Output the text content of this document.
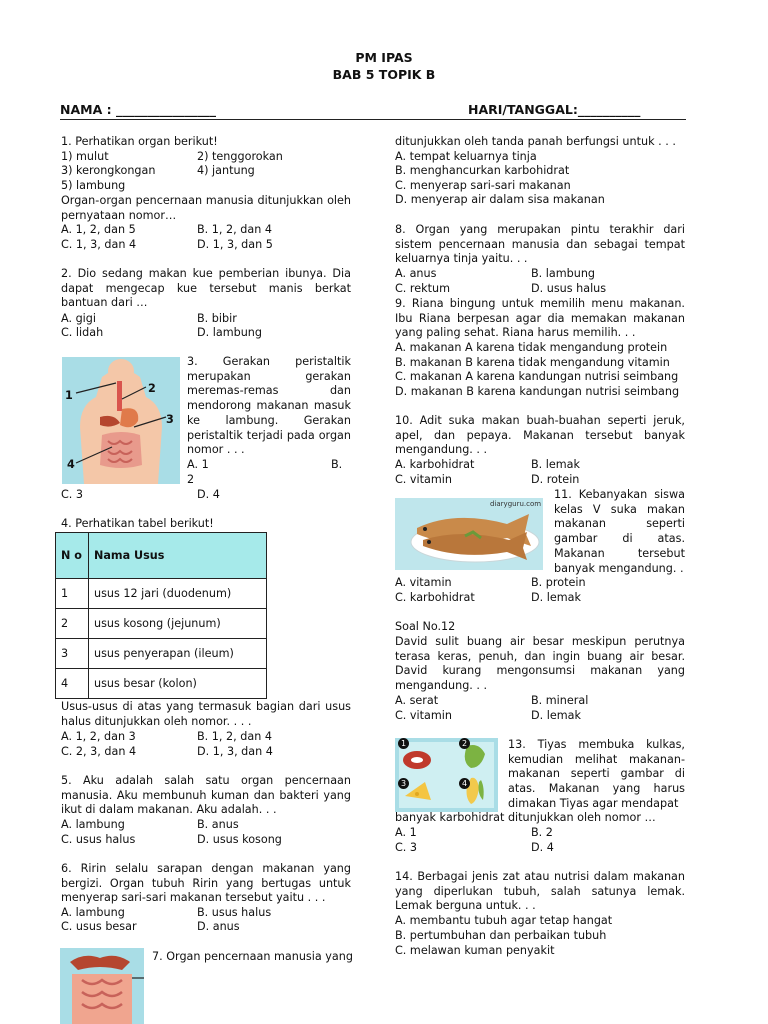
PM IPAS
BAB 5 TOPIK B
NAMA : ________________	HARI/TANGGAL:__________
1. Perhatikan organ berikut!
1) mulut	2) tenggorokan
3) kerongkongan	4) jantung
5) lambung
Organ-organ pencernaan manusia ditunjukkan oleh pernyataan nomor…
A. 1, 2, dan 5	B. 1, 2, dan 4
C. 1, 3, dan 4	D. 1, 3, dan 5
2. Dio sedang makan kue pemberian ibunya. Dia dapat mengecap kue tersebut manis berkat bantuan dari …
A. gigi	B. bibir
C. lidah	D. lambung
1
2
3
4
3. Gerakan peristaltik merupakan gerakan meremas-remas dan mendorong makanan masuk ke lambung. Gerakan peristaltik terjadi pada organ nomor . . .
A. 1	B.
2
C. 3	D. 4
4. Perhatikan tabel berikut!
N o	Nama Usus
1	usus 12 jari (duodenum)
2	usus kosong (jejunum)
3	usus penyerapan (ileum)
4	usus besar (kolon)
Usus-usus di atas yang termasuk bagian dari usus halus ditunjukkan oleh nomor. . . .
A. 1, 2, dan 3	B. 1, 2, dan 4
C. 2, 3, dan 4	D. 1, 3, dan 4
5. Aku adalah salah satu organ pencernaan manusia. Aku membunuh kuman dan bakteri yang ikut di dalam makanan. Aku adalah. . .
A. lambung	B. anus
C. usus halus	D. usus kosong
6. Ririn selalu sarapan dengan makanan yang bergizi. Organ tubuh Ririn yang bertugas untuk menyerap sari-sari makanan tersebut yaitu . . .
A. lambung	B. usus halus
C. usus besar	D. anus
7. Organ pencernaan manusia yang
ditunjukkan oleh tanda panah berfungsi untuk . . .
A. tempat keluarnya tinja
B. menghancurkan karbohidrat
C. menyerap sari-sari makanan
D. menyerap air dalam sisa makanan
8. Organ yang merupakan pintu terakhir dari sistem pencernaan manusia dan sebagai tempat keluarnya tinja yaitu. . .
A. anus	B. lambung
C. rektum	D. usus halus
9. Riana bingung untuk memilih menu makanan. Ibu Riana berpesan agar dia memakan makanan yang paling sehat. Riana harus memilih. . .
A. makanan A karena tidak mengandung protein
B. makanan B karena tidak mengandung vitamin
C. makanan A karena kandungan nutrisi seimbang
D. makanan B karena kandungan nutrisi seimbang
10. Adit suka makan buah-buahan seperti jeruk, apel, dan pepaya. Makanan tersebut banyak mengandung. . .
A. karbohidrat	B. lemak
C. vitamin	D. rotein
diaryguru.com
11. Kebanyakan siswa kelas V suka makan makanan seperti gambar di atas. Makanan tersebut banyak mengandung. .
A. vitamin	B. protein
C. karbohidrat	D. lemak
Soal No.12
David sulit buang air besar meskipun perutnya terasa keras, penuh, dan ingin buang air besar. David kurang mengonsumsi makanan yang mengandung. . .
A. serat	B. mineral
C. vitamin	D. lemak
1	2
3	4
13. Tiyas membuka kulkas, kemudian melihat makanan-makanan seperti gambar di atas. Makanan yang harus dimakan Tiyas agar mendapat
banyak karbohidrat ditunjukkan oleh nomor …
A. 1	B. 2
C. 3	D. 4
14. Berbagai jenis zat atau nutrisi dalam makanan yang diperlukan tubuh, salah satunya lemak. Lemak berguna untuk. . .
A. membantu tubuh agar tetap hangat
B. pertumbuhan dan perbaikan tubuh
C. melawan kuman penyakit
